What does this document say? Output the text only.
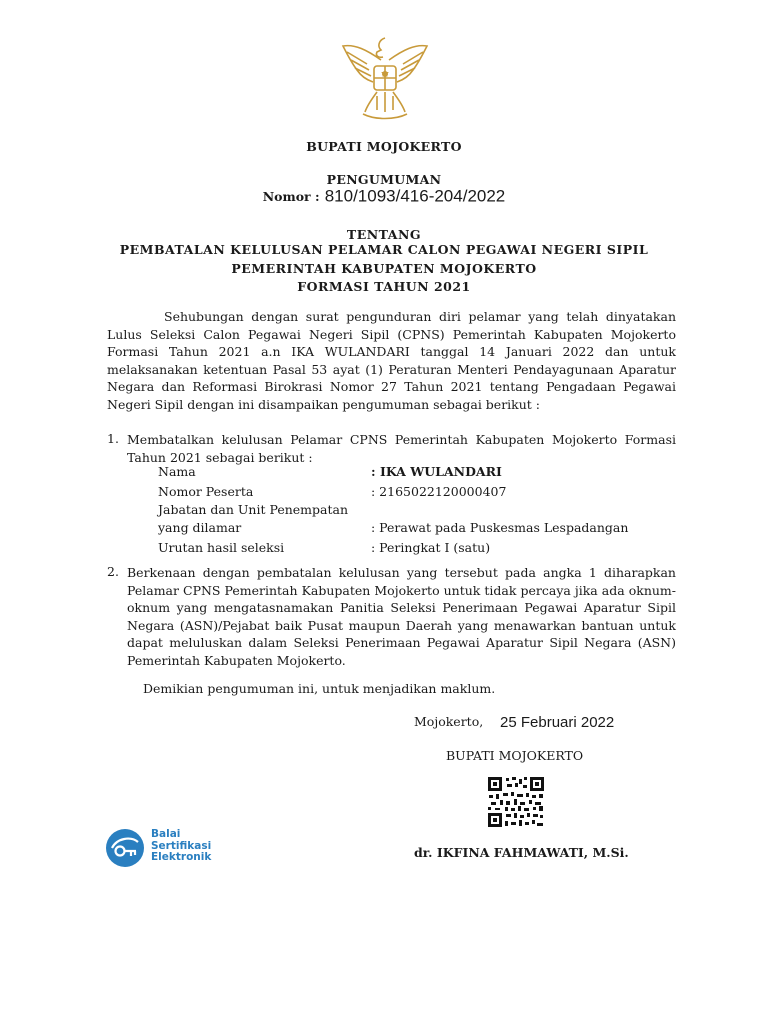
BUPATI MOJOKERTO
PENGUMUMAN
Nomor : 810/1093/416-204/2022
TENTANG
PEMBATALAN KELULUSAN PELAMAR CALON PEGAWAI NEGERI SIPIL
PEMERINTAH KABUPATEN MOJOKERTO
FORMASI TAHUN 2021
Sehubungan dengan surat pengunduran diri pelamar yang telah dinyatakan Lulus Seleksi Calon Pegawai Negeri Sipil (CPNS) Pemerintah Kabupaten Mojokerto Formasi Tahun 2021 a.n IKA WULANDARI tanggal 14 Januari 2022 dan untuk melaksanakan ketentuan Pasal 53 ayat (1) Peraturan Menteri Pendayagunaan Aparatur Negara dan Reformasi Birokrasi Nomor 27 Tahun 2021 tentang Pengadaan Pegawai Negeri Sipil dengan ini disampaikan pengumuman sebagai berikut :
1. Membatalkan kelulusan Pelamar CPNS Pemerintah Kabupaten Mojokerto Formasi Tahun 2021 sebagai berikut :
Nama	: IKA WULANDARI
Nomor Peserta	: 2165022120000407
Jabatan dan Unit Penempatan
yang dilamar	: Perawat pada Puskesmas Lespadangan
Urutan hasil seleksi	: Peringkat I (satu)
2. Berkenaan dengan pembatalan kelulusan yang tersebut pada angka 1 diharapkan Pelamar CPNS Pemerintah Kabupaten Mojokerto untuk tidak percaya jika ada oknum-oknum yang mengatasnamakan Panitia Seleksi Penerimaan Pegawai Aparatur Sipil Negara (ASN)/Pejabat baik Pusat maupun Daerah yang menawarkan bantuan untuk dapat meluluskan dalam Seleksi Penerimaan Pegawai Aparatur Sipil Negara (ASN) Pemerintah Kabupaten Mojokerto.
Demikian pengumuman ini, untuk menjadikan maklum.
Mojokerto, 25 Februari 2022
BUPATI MOJOKERTO
dr. IKFINA FAHMAWATI, M.Si.
Balai
Sertifikasi
Elektronik
